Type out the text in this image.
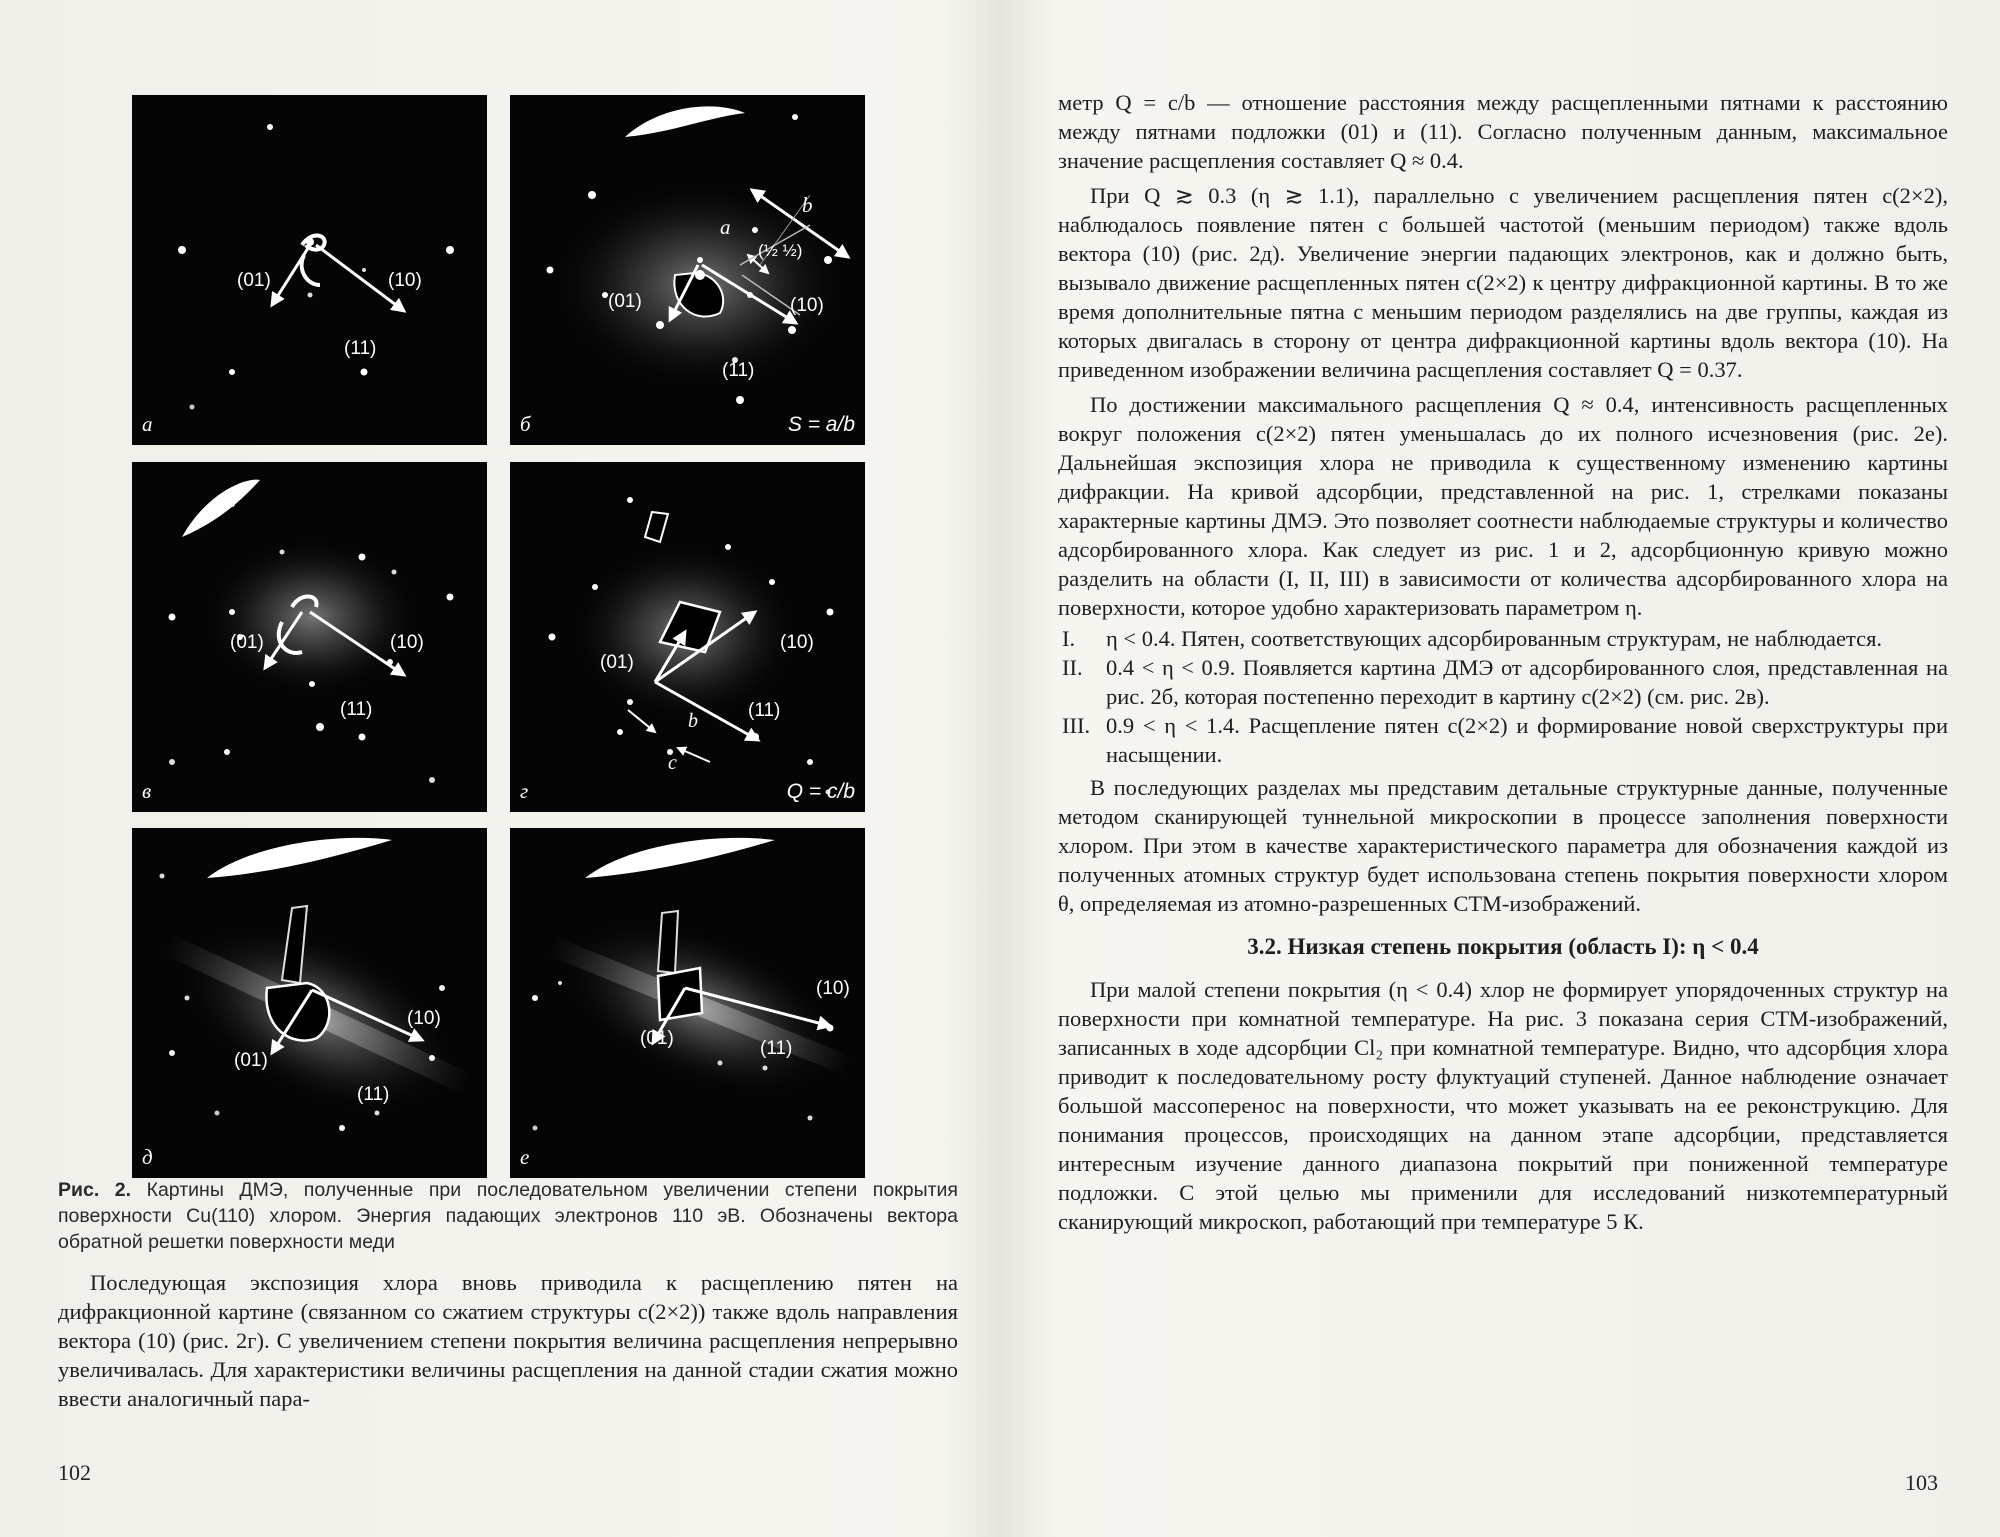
(01)	(10)
(11)
а
a
b
(½ ½)
(01)	(10)
(11)
б	S = a/b
(01)	(10)
(11)
в
(01)
(10)
(11)
b
c
г	Q = c/b
(01)
(10)
(11)
д
(01)
(10)
(11)
е
Рис. 2. Картины ДМЭ, полученные при последовательном увеличении степени покрытия поверхности Cu(110) хлором. Энергия падающих электронов 110 эВ. Обозначены вектора обратной решетки поверхности меди

Последующая экспозиция хлора вновь приводила к расщеплению пятен на дифракционной картине (связанном со сжатием структуры c(2×2)) также вдоль направления вектора (10) (рис. 2г). С увеличением степени покрытия величина расщепления непрерывно увеличивалась. Для характеристики величины расщепления на данной стадии сжатия можно ввести аналогичный пара-

102

метр Q = c/b — отношение расстояния между расщепленными пятнами к расстоянию между пятнами подложки (01) и (11). Согласно полученным данным, максимальное значение расщепления составляет Q ≈ 0.4.

При Q ≳ 0.3 (η ≳ 1.1), параллельно с увеличением расщепления пятен c(2×2), наблюдалось появление пятен с большей частотой (меньшим периодом) также вдоль вектора (10) (рис. 2д). Увеличение энергии падающих электронов, как и должно быть, вызывало движение расщепленных пятен c(2×2) к центру дифракционной картины. В то же время дополнительные пятна с меньшим периодом разделялись на две группы, каждая из которых двигалась в сторону от центра дифракционной картины вдоль вектора (10). На приведенном изображении величина расщепления составляет Q = 0.37.

По достижении максимального расщепления Q ≈ 0.4, интенсивность расщепленных вокруг положения c(2×2) пятен уменьшалась до их полного исчезновения (рис. 2е). Дальнейшая экспозиция хлора не приводила к существенному изменению картины дифракции. На кривой адсорбции, представленной на рис. 1, стрелками показаны характерные картины ДМЭ. Это позволяет соотнести наблюдаемые структуры и количество адсорбированного хлора. Как следует из рис. 1 и 2, адсорбционную кривую можно разделить на области (I, II, III) в зависимости от количества адсорбированного хлора на поверхности, которое удобно характеризовать параметром η.

I. η < 0.4. Пятен, соответствующих адсорбированным структурам, не наблюдается.
II. 0.4 < η < 0.9. Появляется картина ДМЭ от адсорбированного слоя, представленная на рис. 2б, которая постепенно переходит в картину c(2×2) (см. рис. 2в).
III. 0.9 < η < 1.4. Расщепление пятен c(2×2) и формирование новой сверхструктуры при насыщении.

В последующих разделах мы представим детальные структурные данные, полученные методом сканирующей туннельной микроскопии в процессе заполнения поверхности хлором. При этом в качестве характеристического параметра для обозначения каждой из полученных атомных структур будет использована степень покрытия поверхности хлором θ, определяемая из атомно-разрешенных СТМ-изображений.

3.2. Низкая степень покрытия (область I): η < 0.4

При малой степени покрытия (η < 0.4) хлор не формирует упорядоченных структур на поверхности при комнатной температуре. На рис. 3 показана серия СТМ-изображений, записанных в ходе адсорбции Cl₂ при комнатной температуре. Видно, что адсорбция хлора приводит к последовательному росту флуктуаций ступеней. Данное наблюдение означает большой массоперенос на поверхности, что может указывать на ее реконструкцию. Для понимания процессов, происходящих на данном этапе адсорбции, представляется интересным изучение данного диапазона покрытий при пониженной температуре подложки. С этой целью мы применили для исследований низкотемпературный сканирующий микроскоп, работающий при температуре 5 К.

103
